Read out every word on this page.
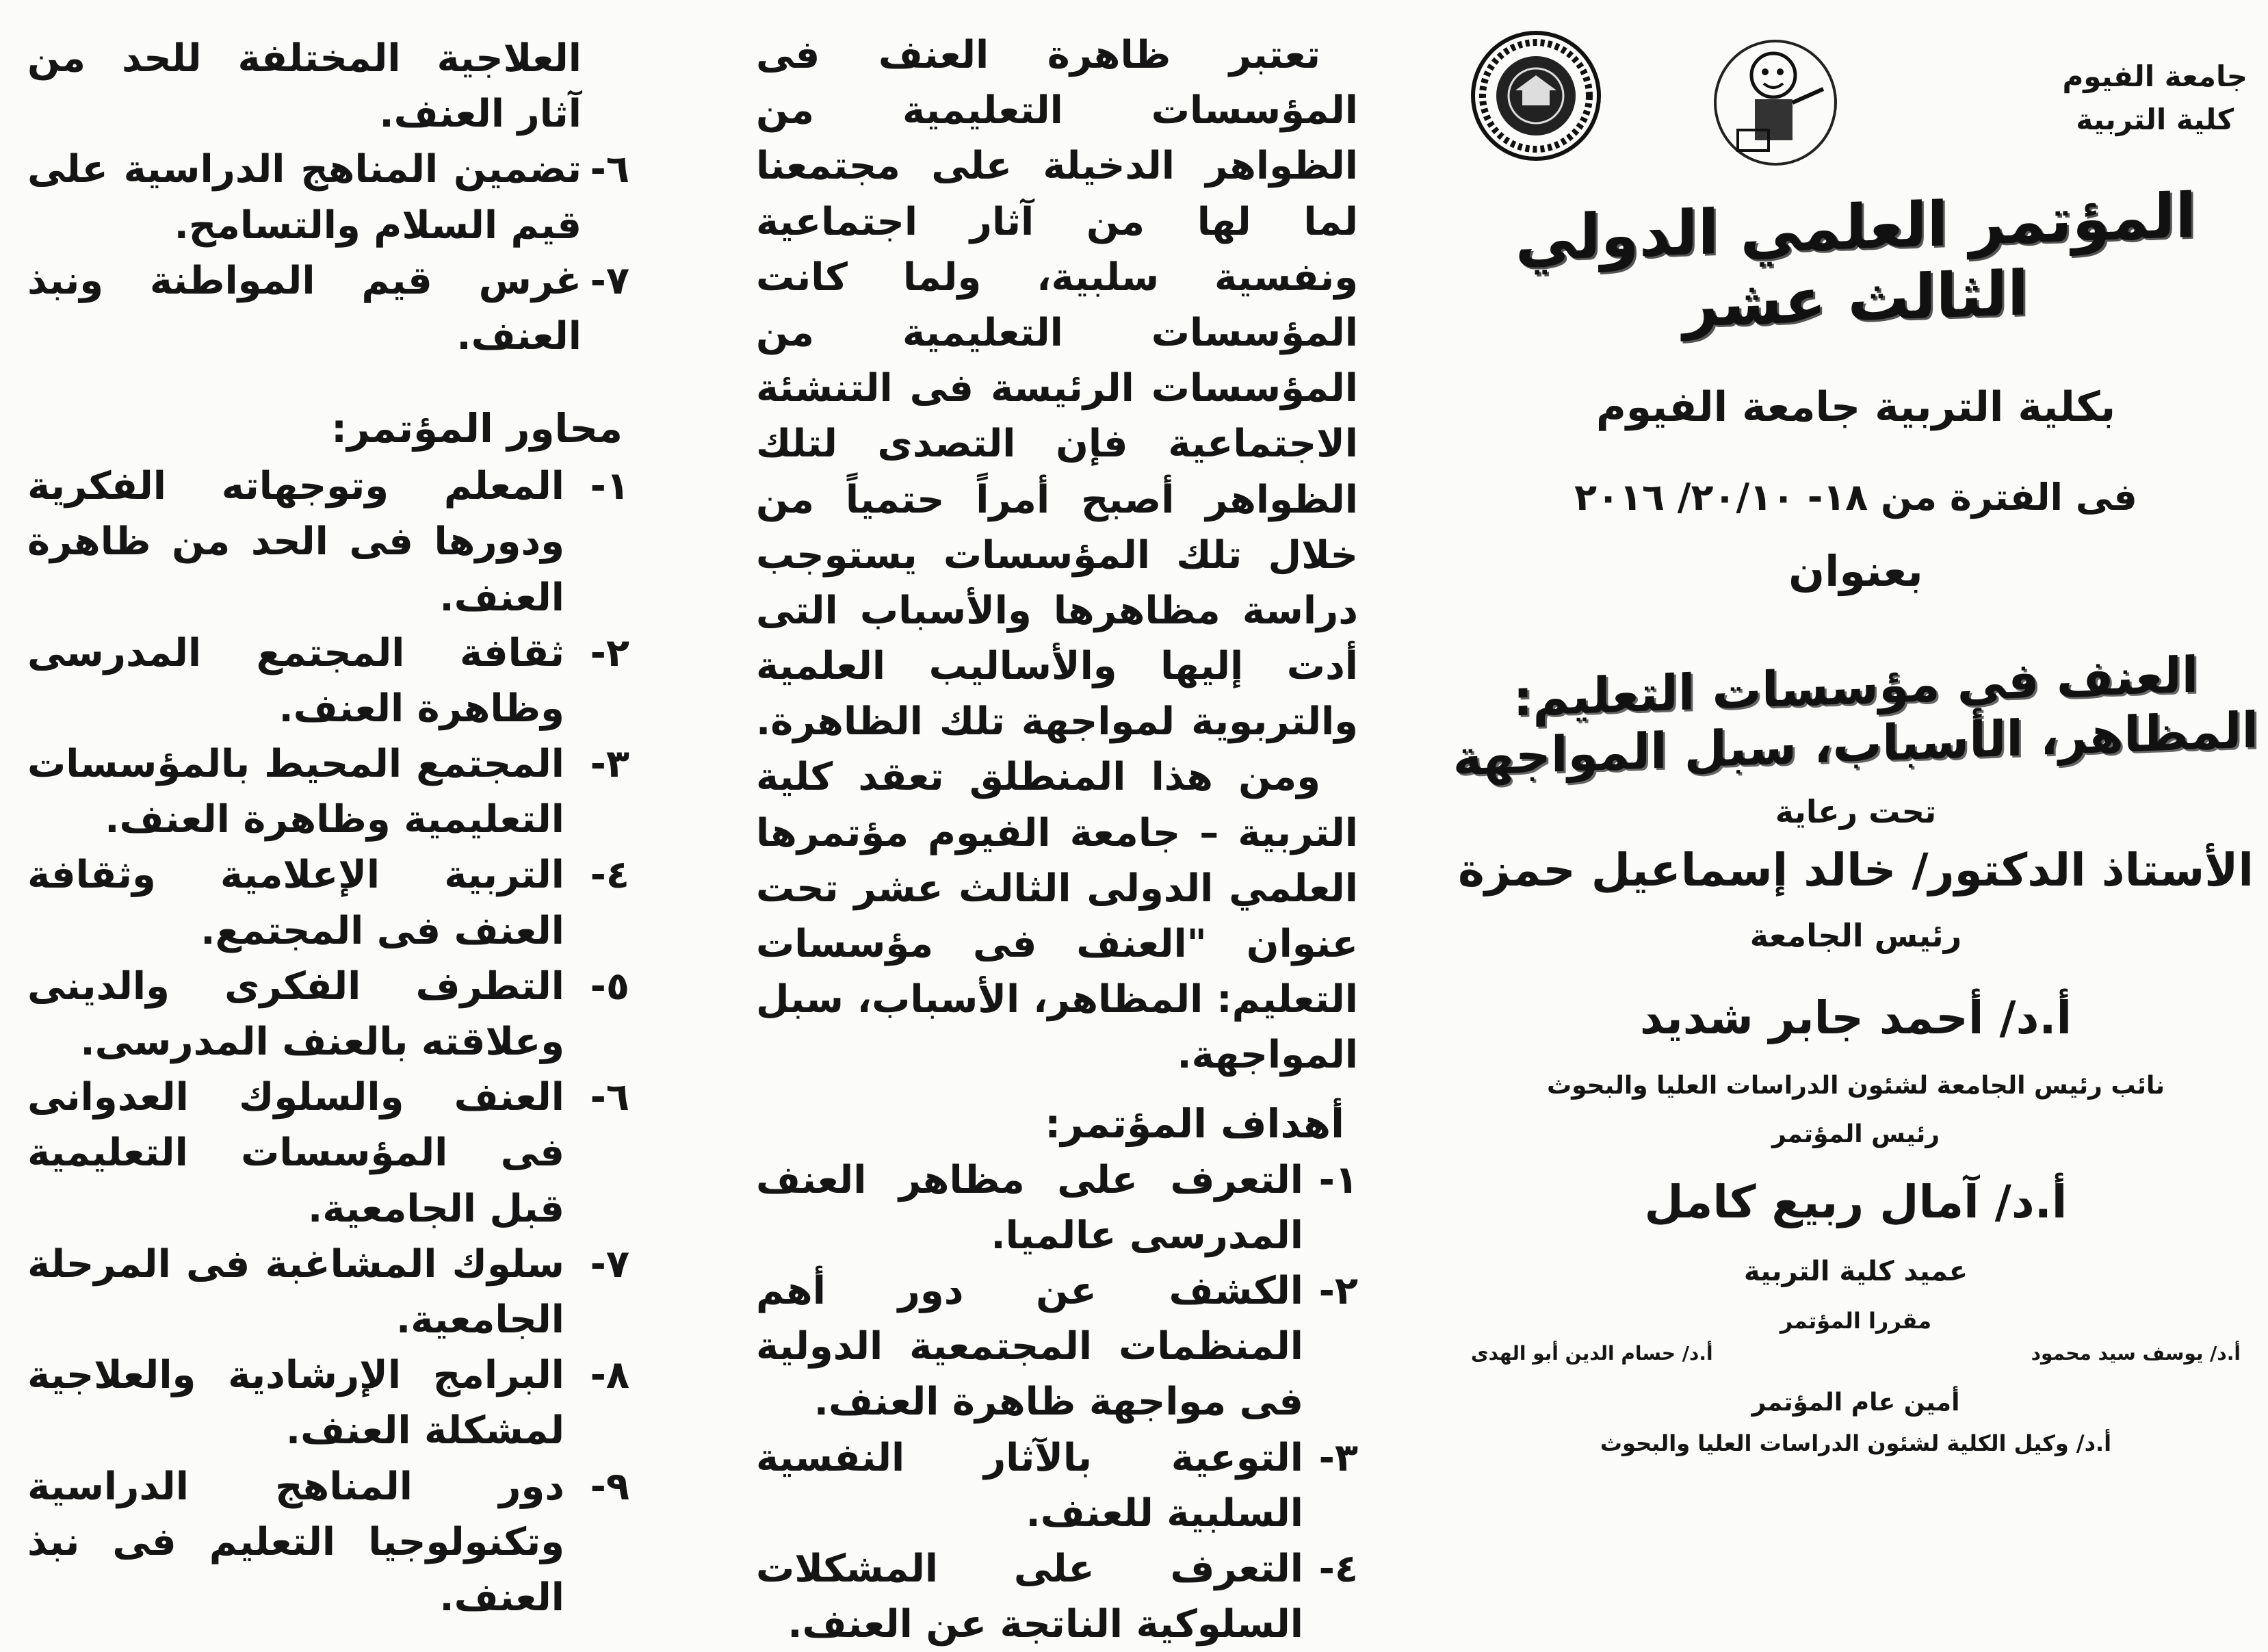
العلاجية المختلفة للحد من آثار العنف.
٦-
تضمين المناهج الدراسية على قيم السلام والتسامح.
٧-
غرس قيم المواطنة ونبذ العنف.

محاور المؤتمر:

١-
المعلم وتوجهاته الفكرية ودورها فى الحد من ظاهرة العنف.
٢-
ثقافة المجتمع المدرسى وظاهرة العنف.
٣-
المجتمع المحيط بالمؤسسات التعليمية وظاهرة العنف.
٤-
التربية الإعلامية وثقافة العنف فى المجتمع.
٥-
التطرف الفكرى والدينى وعلاقته بالعنف المدرسى.
٦-
العنف والسلوك العدوانى فى المؤسسات التعليمية قبل الجامعية.
٧-
سلوك المشاغبة فى المرحلة الجامعية.
٨-
البرامج الإرشادية والعلاجية لمشكلة العنف.
٩-
دور المناهج الدراسية وتكنولوجيا التعليم فى نبذ العنف.

تعتبر ظاهرة العنف فى المؤسسات التعليمية من الظواهر الدخيلة على مجتمعنا لما لها من آثار اجتماعية ونفسية سلبية، ولما كانت المؤسسات التعليمية من المؤسسات الرئيسة فى التنشئة الاجتماعية فإن التصدى لتلك الظواهر أصبح أمراً حتمياً من خلال تلك المؤسسات يستوجب دراسة مظاهرها والأسباب التى أدت إليها والأساليب العلمية والتربوية لمواجهة تلك الظاهرة.

ومن هذا المنطلق تعقد كلية التربية – جامعة الفيوم مؤتمرها العلمي الدولى الثالث عشر تحت عنوان "العنف فى مؤسسات التعليم: المظاهر، الأسباب، سبل المواجهة.

أهداف المؤتمر:

١-
التعرف على مظاهر العنف المدرسى عالميا.
٢-
الكشف عن دور أهم المنظمات المجتمعية الدولية فى مواجهة ظاهرة العنف.
٣-
التوعية بالآثار النفسية السلبية للعنف.
٤-
التعرف على المشكلات السلوكية الناتجة عن العنف.
جامعة الفيوم
كلية التربية
المؤتمر العلمي الدولي الثالث عشر

بكلية التربية جامعة الفيوم

فى الفترة من ١٨- ٢٠/١٠/ ٢٠١٦

بعنوان

العنف فى مؤسسات التعليم: المظاهر، الأسباب، سبل المواجهة

تحت رعاية

الأستاذ الدكتور/ خالد إسماعيل حمزة

رئيس الجامعة

أ.د/ أحمد جابر شديد

نائب رئيس الجامعة لشئون الدراسات العليا والبحوث

رئيس المؤتمر

أ.د/ آمال ربيع كامل

عميد كلية التربية

مقررا المؤتمر

أ.د/ يوسف سيد محمود
أ.د/ حسام الدين أبو الهدى

أمين عام المؤتمر

أ.د/ وكيل الكلية لشئون الدراسات العليا والبحوث
